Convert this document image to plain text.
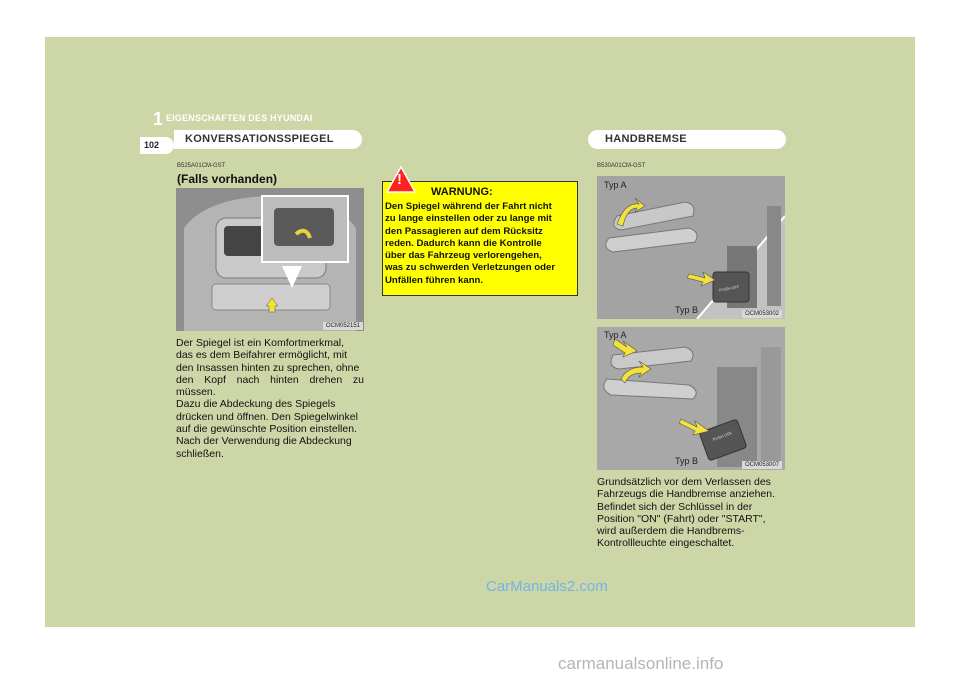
1 EIGENSCHAFTEN DES HYUNDAI
102 KONVERSATIONSSPIEGEL	HANDBREMSE
B525A01CM-GST
(Falls vorhanden)
OCM052151
Der Spiegel ist ein Komfortmerkmal,
das es dem Beifahrer ermöglicht, mit
den Insassen hinten zu sprechen, ohne
den Kopf nach hinten drehen zu müssen.
Dazu die Abdeckung des Spiegels
drücken und öffnen. Den Spiegelwinkel
auf die gewünschte Position einstellen.
Nach der Verwendung die Abdeckung
schließen.
!
WARNUNG:
Den Spiegel während der Fahrt nicht
zu lange einstellen oder zu lange mit
den Passagieren auf dem Rücksitz
reden. Dadurch kann die Kontrolle
über das Fahrzeug verlorengehen,
was zu schwerden Verletzungen oder
Unfällen führen kann.
B530A01CM-GST
Typ A
Typ B
PUSH OFF
OCM053002
Typ A
Typ B
PUSH OFF
OCM053007
Grundsätzlich vor dem Verlassen des
Fahrzeugs die Handbremse anziehen.
Befindet sich der Schlüssel in der
Position "ON" (Fahrt) oder "START",
wird außerdem die Handbrems-
Kontrollleuchte eingeschaltet.
CarManuals2.com
carmanualsonline.info
